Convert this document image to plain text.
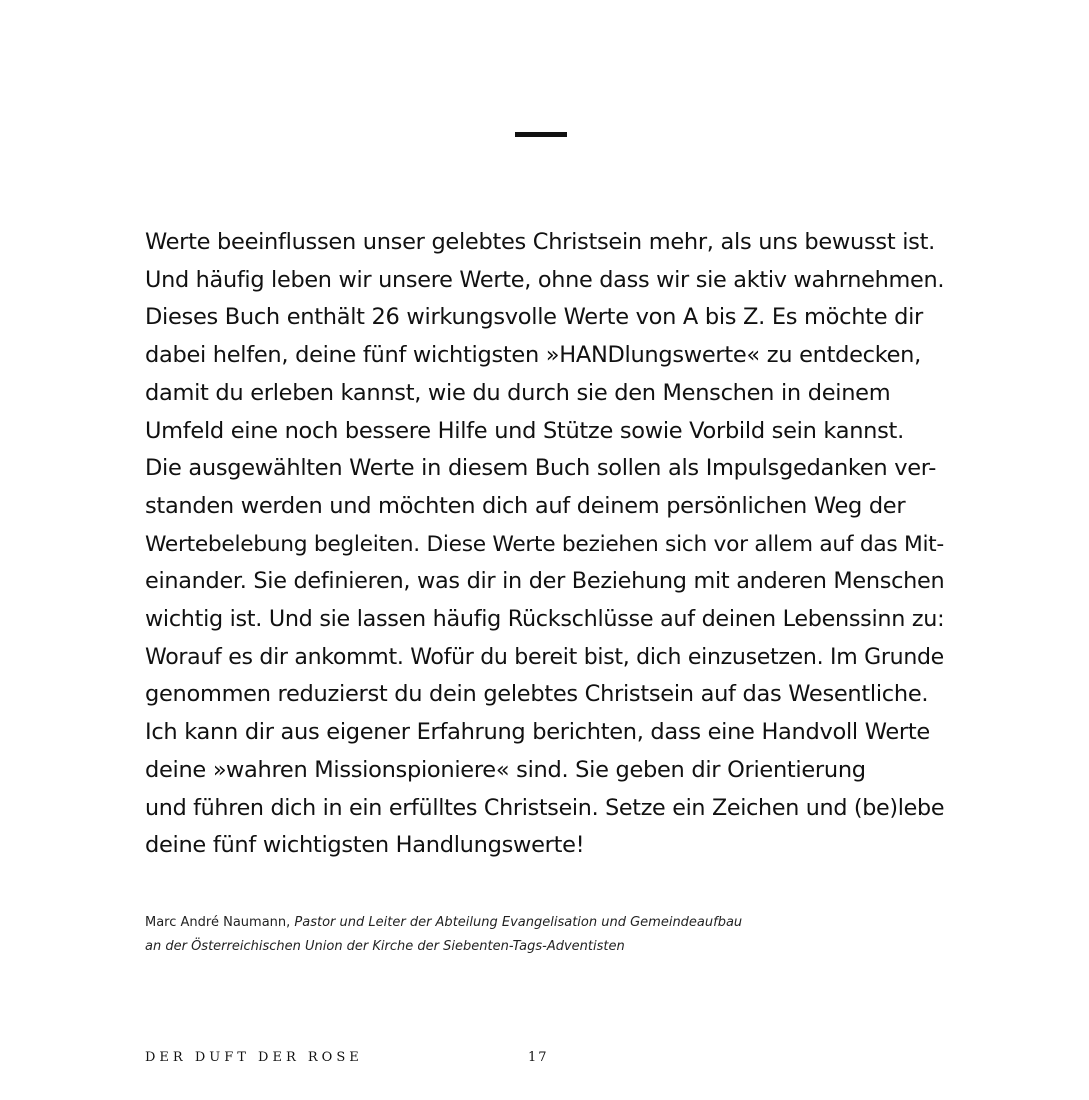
Werte beeinflussen unser gelebtes Christsein mehr, als uns bewusst ist.
Und häufig leben wir unsere Werte, ohne dass wir sie aktiv wahrnehmen.
Dieses Buch enthält 26 wirkungsvolle Werte von A bis Z. Es möchte dir
dabei helfen, deine fünf wichtigsten »HANDlungswerte« zu entdecken,
damit du erleben kannst, wie du durch sie den Menschen in deinem
Umfeld eine noch bessere Hilfe und Stütze sowie Vorbild sein kannst.
Die ausgewählten Werte in diesem Buch sollen als Impulsgedanken ver-
standen werden und möchten dich auf deinem persönlichen Weg der
Wertebelebung begleiten. Diese Werte beziehen sich vor allem auf das Mit-
einander. Sie definieren, was dir in der Beziehung mit anderen Menschen
wichtig ist. Und sie lassen häufig Rückschlüsse auf deinen Lebenssinn zu:
Worauf es dir ankommt. Wofür du bereit bist, dich einzusetzen. Im Grunde
genommen reduzierst du dein gelebtes Christsein auf das Wesentliche.
Ich kann dir aus eigener Erfahrung berichten, dass eine Handvoll Werte
deine »wahren Missionspioniere« sind. Sie geben dir Orientierung
und führen dich in ein erfülltes Christsein. Setze ein Zeichen und (be)lebe
deine fünf wichtigsten Handlungswerte!
Marc André Naumann, Pastor und Leiter der Abteilung Evangelisation und Gemeindeaufbau
an der Österreichischen Union der Kirche der Siebenten-Tags-Adventisten
DER DUFT DER ROSE	17
